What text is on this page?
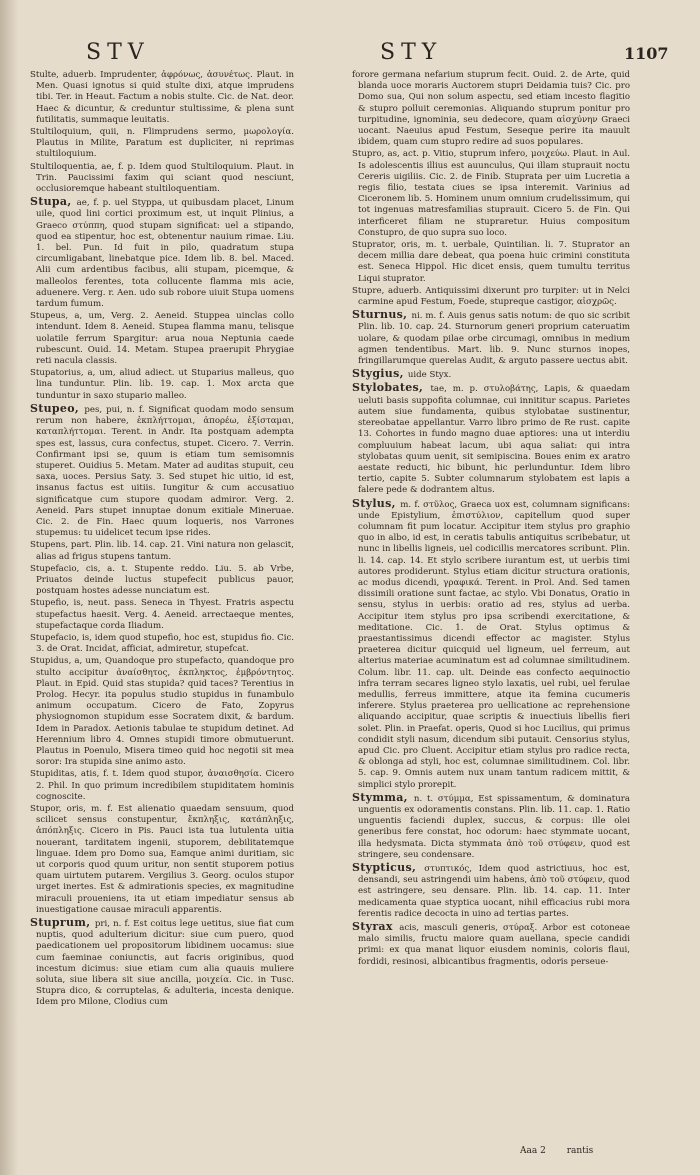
STV	STY	1107

Stulte, aduerb. Imprudenter, ἀφρόνως, ἀσυνέτως. Plaut. in Men. Quasi ignotus si quid stulte dixi, atque imprudens tibi. Ter. in Heaut. Factum a nobis stulte. Cic. de Nat. deor. Haec & dicuntur, & creduntur stultissime, & plena sunt futilitatis, summaque leuitatis.

Stultiloquium, quii, n. Flimprudens sermo, μωρολογία. Plautus in Milite, Paratum est dupliciter, ni reprimas stultiloquium.

Stultiloquentia, ae, f. p. Idem quod Stultiloquium. Plaut. in Trin. Paucissimi faxim qui sciant quod nesciunt, occlusioremque habeant stultiloquentiam.

Stupa, ae, f. p. uel Styppa, ut quibusdam placet, Linum uile, quod lini cortici proximum est, ut inquit Plinius, a Graeco στύππη, quod stupam significat: uel a stipando, quod ea stipentur, hoc est, obtenentur nauium rimae. Liu. 1. bel. Pun. Id fuit in pilo, quadratum stupa circumligabant, linebatque pice. Idem lib. 8. bel. Maced. Alii cum ardentibus facibus, alii stupam, picemque, & malleolos ferentes, tota collucente flamma mis acie, aduenere. Verg. r. Aen. udo sub robore uiuit Stupa uomens tardum fumum.

Stupeus, a, um, Verg. 2. Aeneid. Stuppea uinclas collo intendunt. Idem 8. Aeneid. Stupea flamma manu, telisque uolatile ferrum Spargitur: arua noua Neptunia caede rubescunt. Ouid. 14. Metam. Stupea praerupit Phrygiae reti nacula classis.

Stupatorius, a, um, aliud adiect. ut Stuparius malleus, quo lina tunduntur. Plin. lib. 19. cap. 1. Mox arcta que tunduntur in saxo stupario malleo.

Stupeo, pes, pui, n. f. Significat quodam modo sensum rerum non habere, ἐκπλήττομαι, ἀπορέω, ἐξίσταμαι, καταπλήττομαι. Terent. in Andr. Ita postquam adempta spes est, lassus, cura confectus, stupet. Cicero. 7. Verrin. Confirmant ipsi se, quum is etiam tum semisomnis stuperet. Ouidius 5. Metam. Mater ad auditas stupuit, ceu saxa, uoces. Persius Saty. 3. Sed stupet hic uitio, id est, insanus factus est uitiis. Iungitur & cum accusatiuo significatque cum stupore quodam admiror. Verg. 2. Aeneid. Pars stupet innuptae donum exitiale Mineruae. Cic. 2. de Fin. Haec quum loqueris, nos Varrones stupemus: tu uidelicet tecum ipse rides.

Stupens, part. Plin. lib. 14. cap. 21. Vini natura non gelascit, alias ad frigus stupens tantum.

Stupefacio, cis, a. t. Stupente reddo. Liu. 5. ab Vrbe, Priuatos deinde luctus stupefecit publicus pauor, postquam hostes adesse nunciatum est.

Stupefio, is, neut. pass. Seneca in Thyest. Fratris aspectu stupefactus haesit. Verg. 4. Aeneid. arrectaeque mentes, stupefactaque corda Iliadum.

Stupefacio, is, idem quod stupefio, hoc est, stupidus fio. Cic. 3. de Orat. Incidat, afficiat, admiretur, stupefcat.

Stupidus, a, um, Quandoque pro stupefacto, quandoque pro stulto accipitur ἀναίσθητος, ἐκπληκτος, ἐμβρόντητος. Plaut. in Epid. Quid stas stupida? quid taces? Terentius in Prolog. Hecyr. ita populus studio stupidus in funambulo animum occupatum. Cicero de Fato, Zopyrus physiognomon stupidum esse Socratem dixit, & bardum. Idem in Paradox. Aetionis tabulae te stupidum detinet. Ad Herennium libro 4. Omnes stupidi timore obmutuerunt. Plautus in Poenulo, Misera timeo quid hoc negotii sit mea soror: Ira stupida sine animo asto.

Stupiditas, atis, f. t. Idem quod stupor, ἀναισθησία. Cicero 2. Phil. In quo primum incredibilem stupiditatem hominis cognoscite.

Stupor, oris, m. f. Est alienatio quaedam sensuum, quod scilicet sensus constupentur, ἔκπληξις, κατάπληξις, ἀπόπληξις. Cicero in Pis. Pauci ista tua lutulenta uitia nouerant, tarditatem ingenii, stuporem, debilitatemque linguae. Idem pro Domo sua, Eamque animi duritiam, sic ut corporis quod quum uritur, non sentit stuporem potius quam uirtutem putarem. Vergilius 3. Georg. oculos stupor urget inertes. Est & admirationis species, ex magnitudine miraculi proueniens, ita ut etiam impediatur sensus ab inuestigatione causae miraculi apparentis.

Stuprum, pri, n. f. Est coitus lege uetitus, siue fiat cum nuptis, quod adulterium dicitur: siue cum puero, quod paedicationem uel propositorum libidinem uocamus: siue cum faeminae coniunctis, aut facris originibus, quod incestum dicimus: siue etiam cum alia quauis muliere soluta, siue libera sit siue ancilla, μοιχεία. Cic. in Tusc. Stupra dico, & corruptelas, & adulteria, incesta denique. Idem pro Milone, Clodius cum

forore germana nefarium stuprum fecit. Ouid. 2. de Arte, quid blanda uoce moraris Auctorem stupri Deidamia tuis? Cic. pro Domo sua, Qui non solum aspectu, sed etiam incesto flagitio & stupro polluit ceremonias. Aliquando stuprum ponitur pro turpitudine, ignominia, seu dedecore, quam αἰσχύνην Graeci uocant. Naeuius apud Festum, Seseque perire ita mauult ibidem, quam cum stupro redire ad suos populares.

Stupro, as, act. p. Vitio, stuprum infero, μοιχεύω. Plaut. in Aul. Is adolescentis illius est auunculus, Qui illam stuprauit noctu Cereris uigiliis. Cic. 2. de Finib. Stuprata per uim Lucretia a regis filio, testata ciues se ipsa interemit. Varinius ad Ciceronem lib. 5. Hominem unum omnium crudelissimum, qui tot ingenuas matresfamilias stuprauit. Cicero 5. de Fin. Qui interficeret filiam ne stupraretur. Huius compositum Constupro, de quo supra suo loco.

Stuprator, oris, m. t. uerbale, Quintilian. li. 7. Stuprator an decem millia dare debeat, qua poena huic crimini constituta est. Seneca Hippol. Hic dicet ensis, quem tumultu territus Liqui stuprator.

Stupre, aduerb. Antiquissimi dixerunt pro turpiter: ut in Nelci carmine apud Festum, Foede, stupreque castigor, αἰσχρῶς.

Sturnus, ni. m. f. Auis genus satis notum: de quo sic scribit Plin. lib. 10. cap. 24. Sturnorum generi proprium cateruatim uolare, & quodam pilae orbe circumagi, omnibus in medium agmen tendentibus. Mart. lib. 9. Nunc sturnos inopes, fringillarumque querelas Audit, & arguto passere uectus abit.

Stygius, uide Styx.

Stylobates, tae, m. p. στυλοβάτης, Lapis, & quaedam ueluti basis suppofita columnae, cui innititur scapus. Parietes autem siue fundamenta, quibus stylobatae sustinentur, stereobatae appellantur. Varro libro primo de Re rust. capite 13. Cohortes in fundo magno duae aptiores: una ut interdiu compluuium habeat lacum, ubi aqua saliat: qui intra stylobatas quum uenit, sit semipiscina. Boues enim ex aratro aestate reducti, hic bibunt, hic perlunduntur. Idem libro tertio, capite 5. Subter columnarum stylobatem est lapis a falere pede & dodrantem altus.

Stylus, m. f. στῦλος, Graeca uox est, columnam significans: unde Epistylium, ἐπιστύλιον, capitellum quod super columnam fit pum locatur. Accipitur item stylus pro graphio quo in albo, id est, in ceratis tabulis antiquitus scribebatur, ut nunc in libellis ligneis, uel codicillis mercatores scribunt. Plin. li. 14. cap. 14. Et stylo scribere iurantum est, ut uerbis timi autores prodiderunt. Stylus etiam dicitur structura orationis, ac modus dicendi, γραφικά. Terent. in Prol. And. Sed tamen dissimili oratione sunt factae, ac stylo. Vbi Donatus, Oratio in sensu, stylus in uerbis: oratio ad res, stylus ad uerba. Accipitur item stylus pro ipsa scribendi exercitatione, & meditatione. Cic. 1. de Orat. Stylus optimus & praestantissimus dicendi effector ac magister. Stylus praeterea dicitur quicquid uel ligneum, uel ferreum, aut alterius materiae acuminatum est ad columnae similitudinem. Colum. libr. 11. cap. ult. Deinde eas confecto aequinoctio infra terram secares ligneo stylo laxatis, uel rubi, uel ferulae medullis, ferreus immittere, atque ita femina cucumeris inferere. Stylus praeterea pro uellicatione ac reprehensione aliquando accipitur, quae scriptis & inuectiuis libellis fieri solet. Plin. in Praefat. operis, Quod si hoc Lucilius, qui primus condidit styli nasum, dicendum sibi putauit. Censorius stylus, apud Cic. pro Cluent. Accipitur etiam stylus pro radice recta, & oblonga ad styli, hoc est, columnae similitudinem. Col. libr. 5. cap. 9. Omnis autem nux unam tantum radicem mittit, & simplici stylo prorepit.

Stymma, n. t. στύμμα, Est spissamentum, & dominatura unguentis ex odoramentis constans. Plin. lib. 11. cap. 1. Ratio unguentis faciendi duplex, succus, & corpus: ille olei generibus fere constat, hoc odorum: haec stymmate uocant, illa hedysmata. Dicta stymmata ἀπὸ τοῦ στύφειν, quod est stringere, seu condensare.

Stypticus, στυπτικός, Idem quod astrictiuus, hoc est, densandi, seu astringendi uim habens, ἀπὸ τοῦ στύφειν, quod est astringere, seu densare. Plin. lib. 14. cap. 11. Inter medicamenta quae styptica uocant, nihil efficacius rubi mora ferentis radice decocta in uino ad tertias partes.

Styrax acis, masculi generis, στύραξ. Arbor est cotoneae malo similis, fructu maiore quam auellana, specie candidi primi: ex qua manat liquor eiusdem nominis, coloris flaui, fordidi, resinosi, albicantibus fragmentis, odoris perseue-

Aaa 2 rantis
